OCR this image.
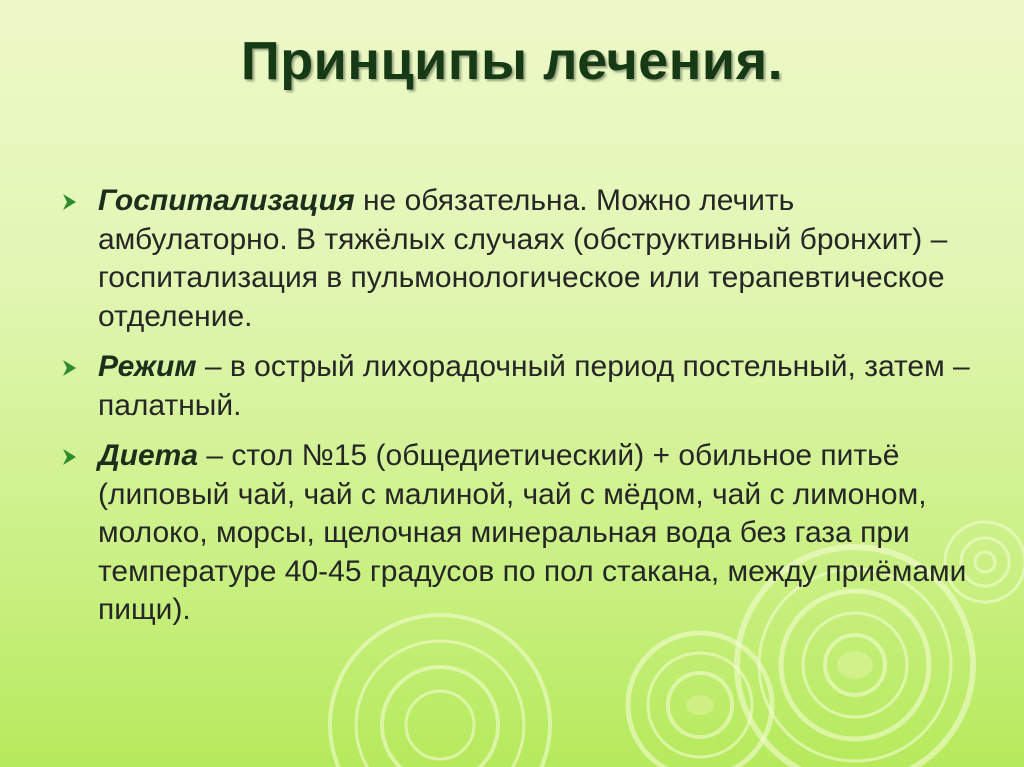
Принципы лечения.
Госпитализация не обязательна. Можно лечить амбулаторно. В тяжёлых случаях (обструктивный бронхит) – госпитализация в пульмонологическое или терапевтическое отделение.
Режим – в острый лихорадочный период постельный, затем – палатный.
Диета – стол №15 (общедиетический) + обильное питьё (липовый чай, чай с малиной, чай с мёдом, чай с лимоном, молоко, морсы, щелочная минеральная вода без газа при температуре 40-45 градусов по пол стакана, между приёмами пищи).
